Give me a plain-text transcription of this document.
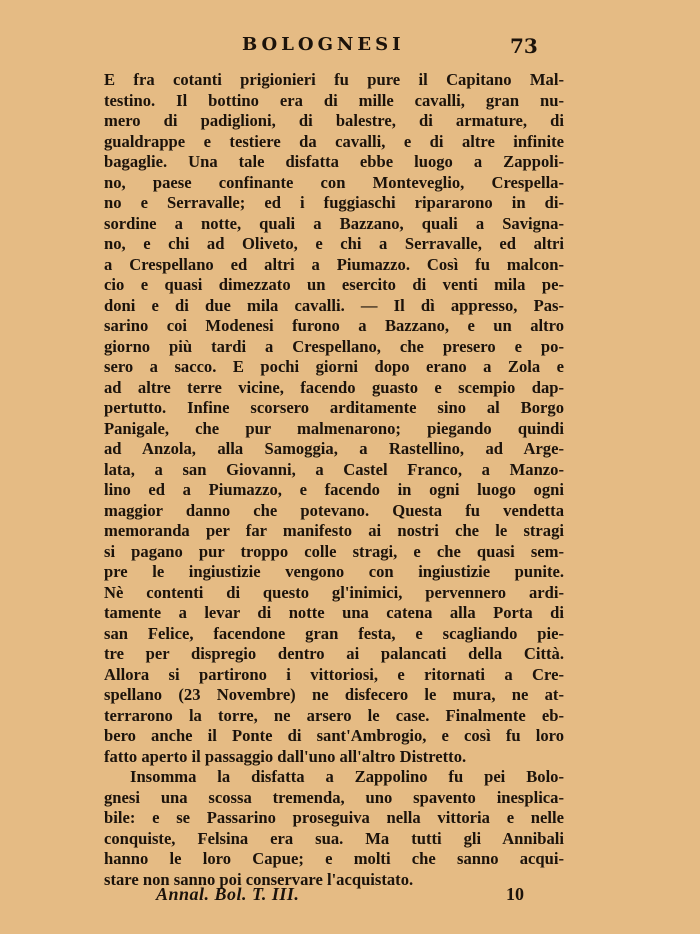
BOLOGNESI	73
E fra cotanti prigionieri fu pure il Capitano Mal-
testino. Il bottino era di mille cavalli, gran nu-
mero di padiglioni, di balestre, di armature, di
gualdrappe e testiere da cavalli, e di altre infinite
bagaglie. Una tale disfatta ebbe luogo a Zappoli-
no, paese confinante con Monteveglio, Crespella-
no e Serravalle; ed i fuggiaschi ripararono in di-
sordine a notte, quali a Bazzano, quali a Savigna-
no, e chi ad Oliveto, e chi a Serravalle, ed altri
a Crespellano ed altri a Piumazzo. Così fu malcon-
cio e quasi dimezzato un esercito di venti mila pe-
doni e di due mila cavalli. — Il dì appresso, Pas-
sarino coi Modenesi furono a Bazzano, e un altro
giorno più tardi a Crespellano, che presero e po-
sero a sacco. E pochi giorni dopo erano a Zola e
ad altre terre vicine, facendo guasto e scempio dap-
pertutto. Infine scorsero arditamente sino al Borgo
Panigale, che pur malmenarono; piegando quindi
ad Anzola, alla Samoggia, a Rastellino, ad Arge-
lata, a san Giovanni, a Castel Franco, a Manzo-
lino ed a Piumazzo, e facendo in ogni luogo ogni
maggior danno che potevano. Questa fu vendetta
memoranda per far manifesto ai nostri che le stragi
si pagano pur troppo colle stragi, e che quasi sem-
pre le ingiustizie vengono con ingiustizie punite.
Nè contenti di questo gl'inimici, pervennero ardi-
tamente a levar di notte una catena alla Porta di
san Felice, facendone gran festa, e scagliando pie-
tre per dispregio dentro ai palancati della Città.
Allora si partirono i vittoriosi, e ritornati a Cre-
spellano (23 Novembre) ne disfecero le mura, ne at-
terrarono la torre, ne arsero le case. Finalmente eb-
bero anche il Ponte di sant'Ambrogio, e così fu loro
fatto aperto il passaggio dall'uno all'altro Distretto.
Insomma la disfatta a Zappolino fu pei Bolo-
gnesi una scossa tremenda, uno spavento inesplica-
bile: e se Passarino proseguiva nella vittoria e nelle
conquiste, Felsina era sua. Ma tutti gli Annibali
hanno le loro Capue; e molti che sanno acqui-
stare non sanno poi conservare l'acquistato.
Annal. Bol. T. III.	10
